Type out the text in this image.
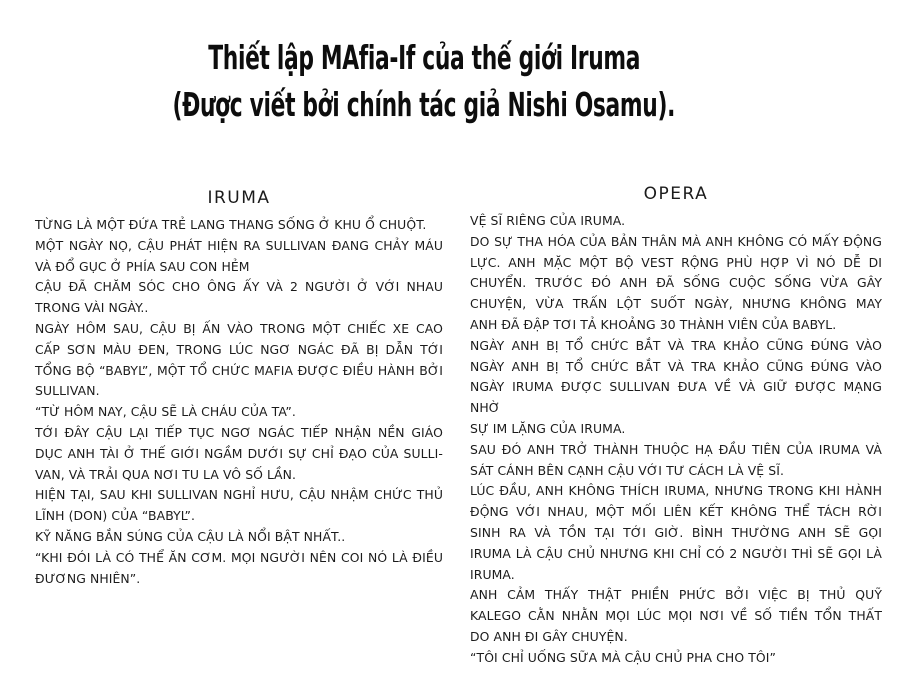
Thiết lập MAfia-If của thế giới Iruma
(Được viết bởi chính tác giả Nishi Osamu).
IRUMA
TỪNG LÀ MỘT ĐỨA TRẺ LANG THANG SỐNG Ở KHU Ổ CHUỘT.
MỘT NGÀY NỌ, CẬU PHÁT HIỆN RA SULLIVAN ĐANG CHẢY MÁU
VÀ ĐỔ GỤC Ở PHÍA SAU CON HẺM
CẬU ĐÃ CHĂM SÓC CHO ÔNG ẤY VÀ 2 NGƯỜI Ở VỚI NHAU
TRONG VÀI NGÀY..
NGÀY HÔM SAU, CẬU BỊ ẤN VÀO TRONG MỘT CHIẾC XE CAO
CẤP SƠN MÀU ĐEN, TRONG LÚC NGƠ NGÁC ĐÃ BỊ DẪN TỚI
TỔNG BỘ “BABYL”, MỘT TỔ CHỨC MAFIA ĐƯỢC ĐIỀU HÀNH BỞI
SULLIVAN.
“TỪ HÔM NAY, CẬU SẼ LÀ CHÁU CỦA TA”.
TỚI ĐÂY CẬU LẠI TIẾP TỤC NGƠ NGÁC TIẾP NHẬN NỀN GIÁO
DỤC ANH TÀI Ở THẾ GIỚI NGẦM DƯỚI SỰ CHỈ ĐẠO CỦA SULLI-
VAN, VÀ TRẢI QUA NƠI TU LA VÔ SỐ LẦN.
HIỆN TẠI, SAU KHI SULLIVAN NGHỈ HƯU, CẬU NHẬM CHỨC THỦ
LĨNH (DON) CỦA “BABYL”.
KỸ NĂNG BẮN SÚNG CỦA CẬU LÀ NỔI BẬT NHẤT..
“KHI ĐÓI LÀ CÓ THỂ ĂN CƠM. MỌI NGƯỜI NÊN COI NÓ LÀ ĐIỀU
ĐƯƠNG NHIÊN”.
OPERA
VỆ SĨ RIÊNG CỦA IRUMA.
DO SỰ THA HÓA CỦA BẢN THÂN MÀ ANH KHÔNG CÓ MẤY ĐỘNG
LỰC. ANH MẶC MỘT BỘ VEST RỘNG PHÙ HỢP VÌ NÓ DỄ DI
CHUYỂN. TRƯỚC ĐÓ ANH ĐÃ SỐNG CUỘC SỐNG VỪA GÂY
CHUYỆN, VỪA TRẤN LỘT SUỐT NGÀY, NHƯNG KHÔNG MAY
ANH ĐÃ ĐẬP TƠI TẢ KHOẢNG 30 THÀNH VIÊN CỦA BABYL.
NGÀY ANH BỊ TỔ CHỨC BẮT VÀ TRA KHẢO CŨNG ĐÚNG VÀO
NGÀY ANH BỊ TỔ CHỨC BẮT VÀ TRA KHẢO CŨNG ĐÚNG VÀO
NGÀY IRUMA ĐƯỢC SULLIVAN ĐƯA VỀ VÀ GIỮ ĐƯỢC MẠNG NHỜ
SỰ IM LẶNG CỦA IRUMA.
SAU ĐÓ ANH TRỞ THÀNH THUỘC HẠ ĐẦU TIÊN CỦA IRUMA VÀ
SÁT CÁNH BÊN CẠNH CẬU VỚI TƯ CÁCH LÀ VỆ SĨ.
LÚC ĐẦU, ANH KHÔNG THÍCH IRUMA, NHƯNG TRONG KHI HÀNH
ĐỘNG VỚI NHAU, MỘT MỐI LIÊN KẾT KHÔNG THỂ TÁCH RỜI
SINH RA VÀ TỒN TẠI TỚI GIỜ. BÌNH THƯỜNG ANH SẼ GỌI
IRUMA LÀ CẬU CHỦ NHƯNG KHI CHỈ CÓ 2 NGƯỜI THÌ SẼ GỌI LÀ
IRUMA.
ANH CẢM THẤY THẬT PHIỀN PHỨC BỞI VIỆC BỊ THỦ QUỸ
KALEGO CẰN NHẰN MỌI LÚC MỌI NƠI VỀ SỐ TIỀN TỔN THẤT
DO ANH ĐI GÂY CHUYỆN.
“TÔI CHỈ UỐNG SỮA MÀ CẬU CHỦ PHA CHO TÔI”
